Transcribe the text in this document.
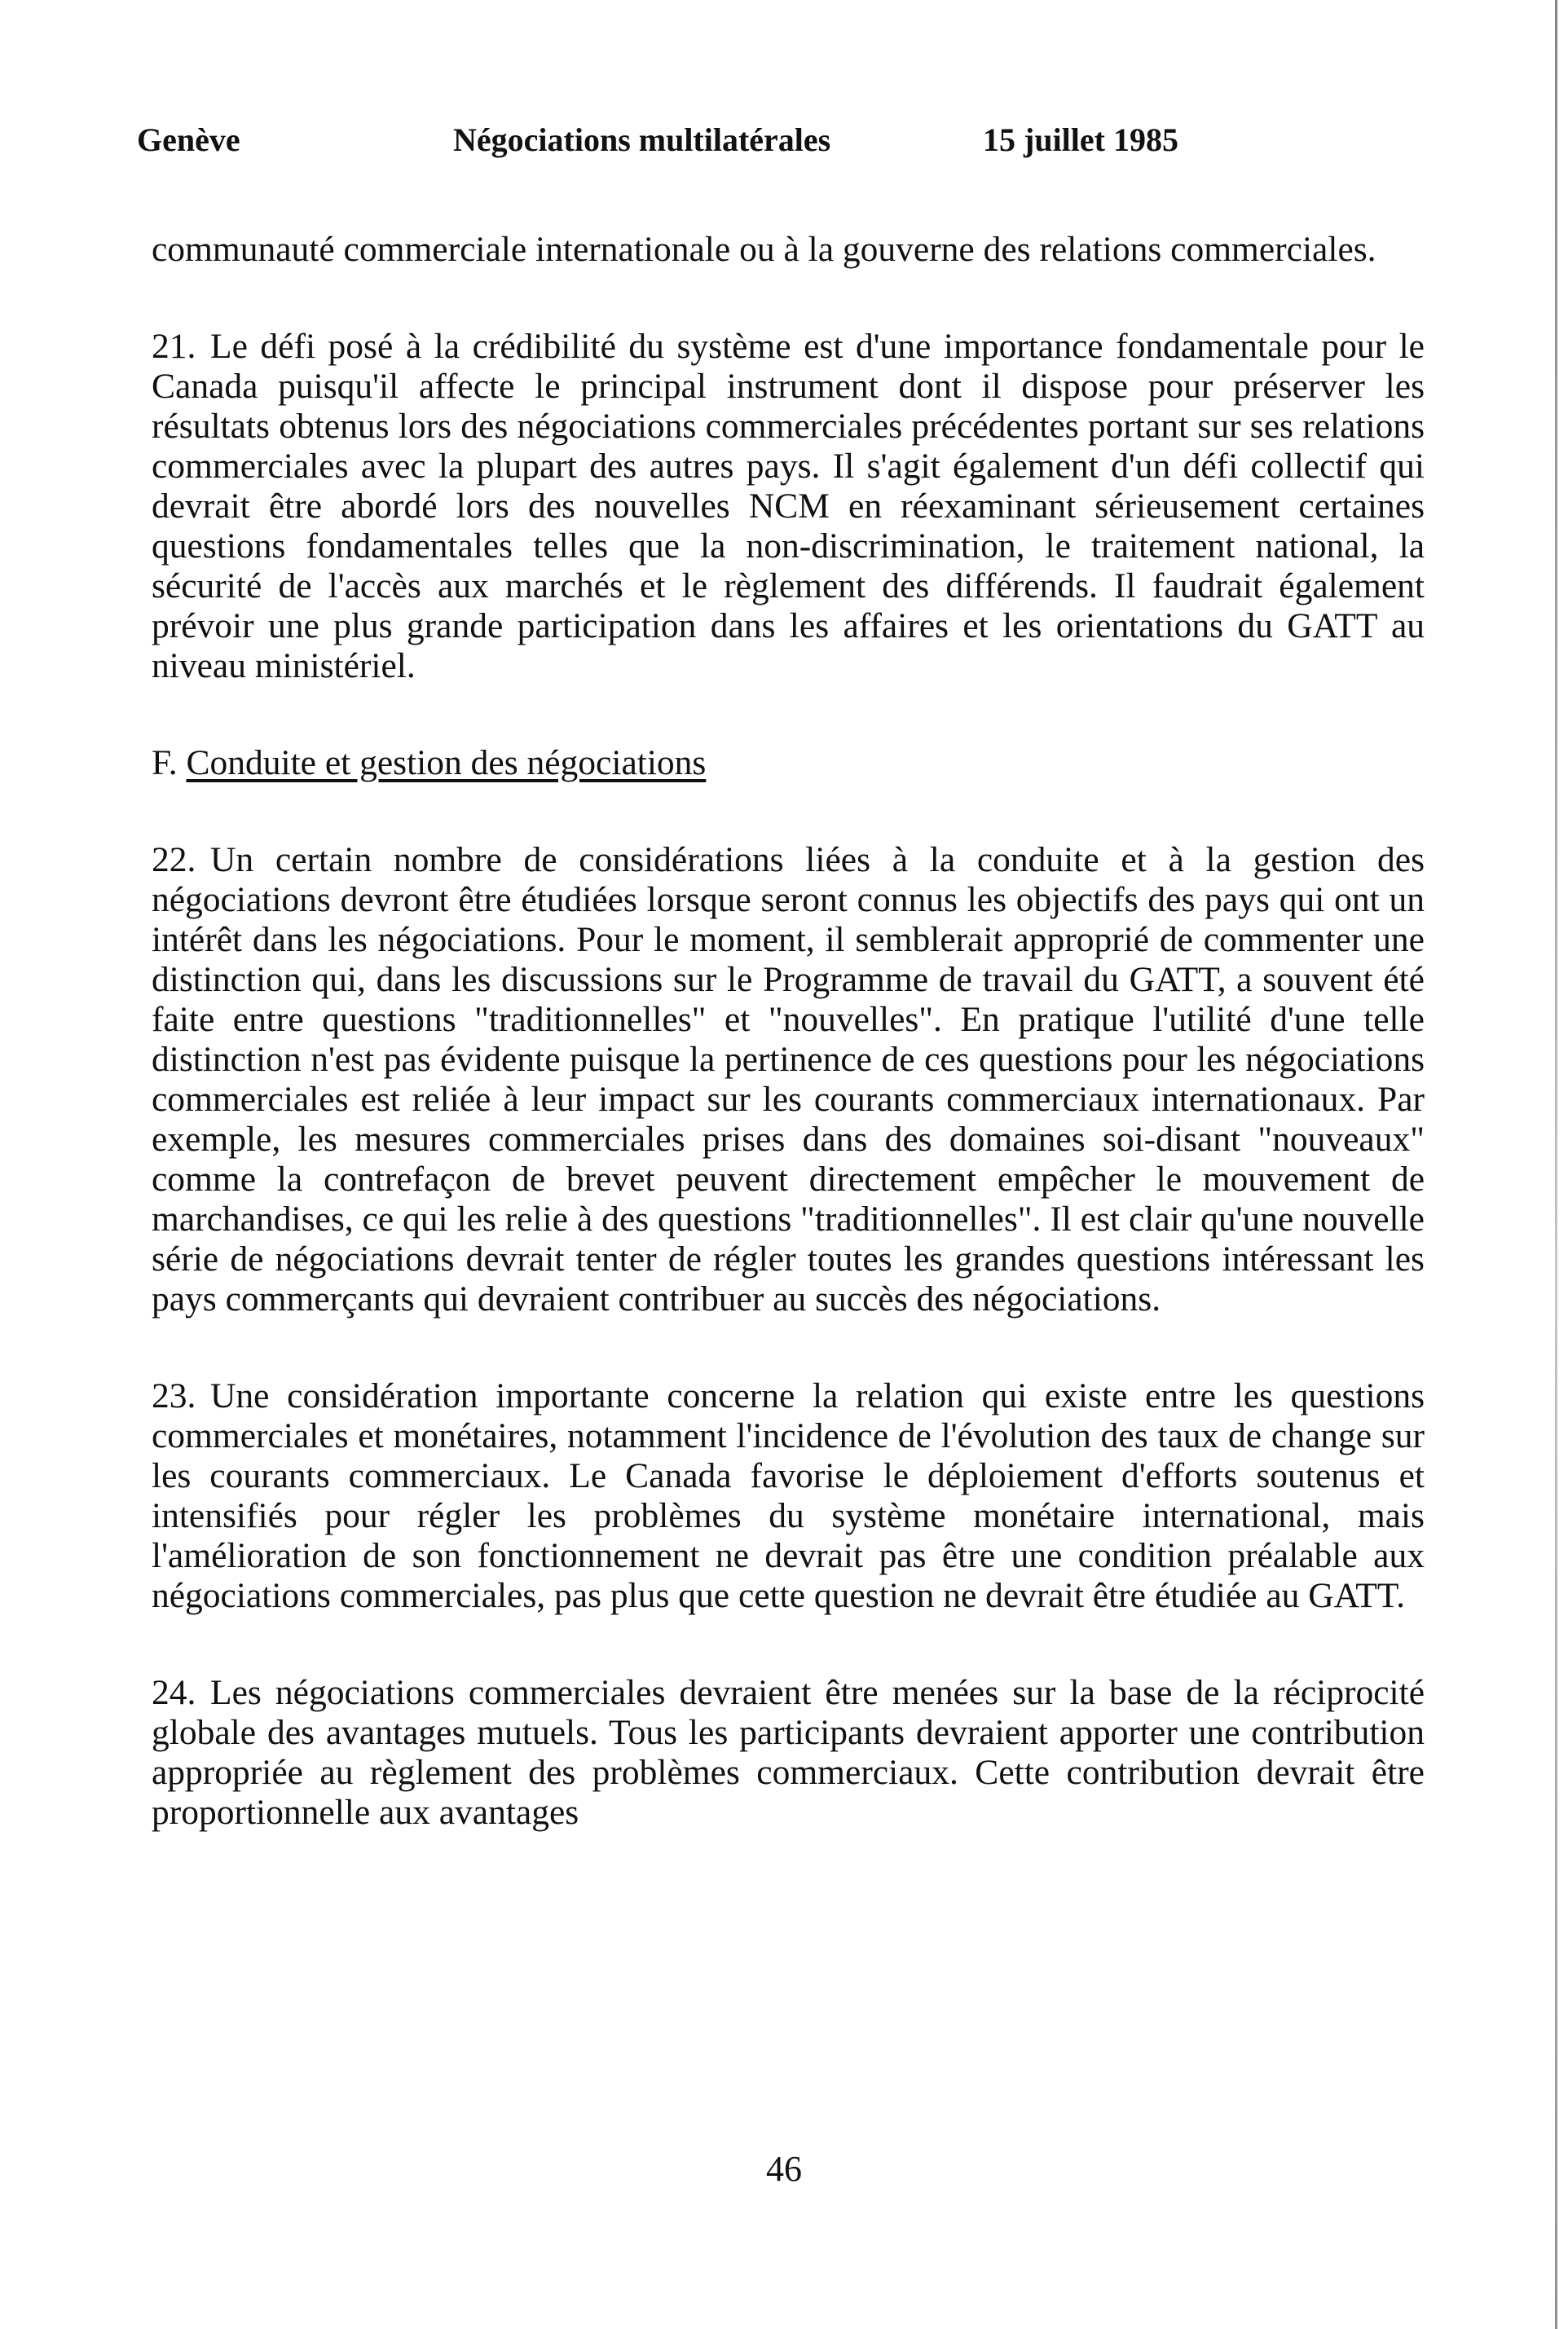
Genève	Négociations multilatérales	15 juillet 1985

communauté commerciale internationale ou à la gouverne des relations commerciales.

21. Le défi posé à la crédibilité du système est d'une importance fondamentale pour le Canada puisqu'il affecte le principal instrument dont il dispose pour préserver les résultats obtenus lors des négociations commerciales précédentes portant sur ses relations commerciales avec la plupart des autres pays. Il s'agit également d'un défi collectif qui devrait être abordé lors des nouvelles NCM en réexaminant sérieusement certaines questions fondamentales telles que la non-discrimination, le traitement national, la sécurité de l'accès aux marchés et le règlement des différends. Il faudrait également prévoir une plus grande participation dans les affaires et les orientations du GATT au niveau ministériel.

F. Conduite et gestion des négociations

22. Un certain nombre de considérations liées à la conduite et à la gestion des négociations devront être étudiées lorsque seront connus les objectifs des pays qui ont un intérêt dans les négociations. Pour le moment, il semblerait approprié de commenter une distinction qui, dans les discussions sur le Programme de travail du GATT, a souvent été faite entre questions "traditionnelles" et "nouvelles". En pratique l'utilité d'une telle distinction n'est pas évidente puisque la pertinence de ces questions pour les négociations commerciales est reliée à leur impact sur les courants commerciaux internationaux. Par exemple, les mesures commerciales prises dans des domaines soi-disant "nouveaux" comme la contrefaçon de brevet peuvent directement empêcher le mouvement de marchandises, ce qui les relie à des questions "traditionnelles". Il est clair qu'une nouvelle série de négociations devrait tenter de régler toutes les grandes questions intéressant les pays commerçants qui devraient contribuer au succès des négociations.

23. Une considération importante concerne la relation qui existe entre les questions commerciales et monétaires, notamment l'incidence de l'évolution des taux de change sur les courants commerciaux. Le Canada favorise le déploiement d'efforts soutenus et intensifiés pour régler les problèmes du système monétaire international, mais l'amélioration de son fonctionnement ne devrait pas être une condition préalable aux négociations commerciales, pas plus que cette question ne devrait être étudiée au GATT.

24. Les négociations commerciales devraient être menées sur la base de la réciprocité globale des avantages mutuels. Tous les participants devraient apporter une contribution appropriée au règlement des problèmes commerciaux. Cette contribution devrait être proportionnelle aux avantages

46
